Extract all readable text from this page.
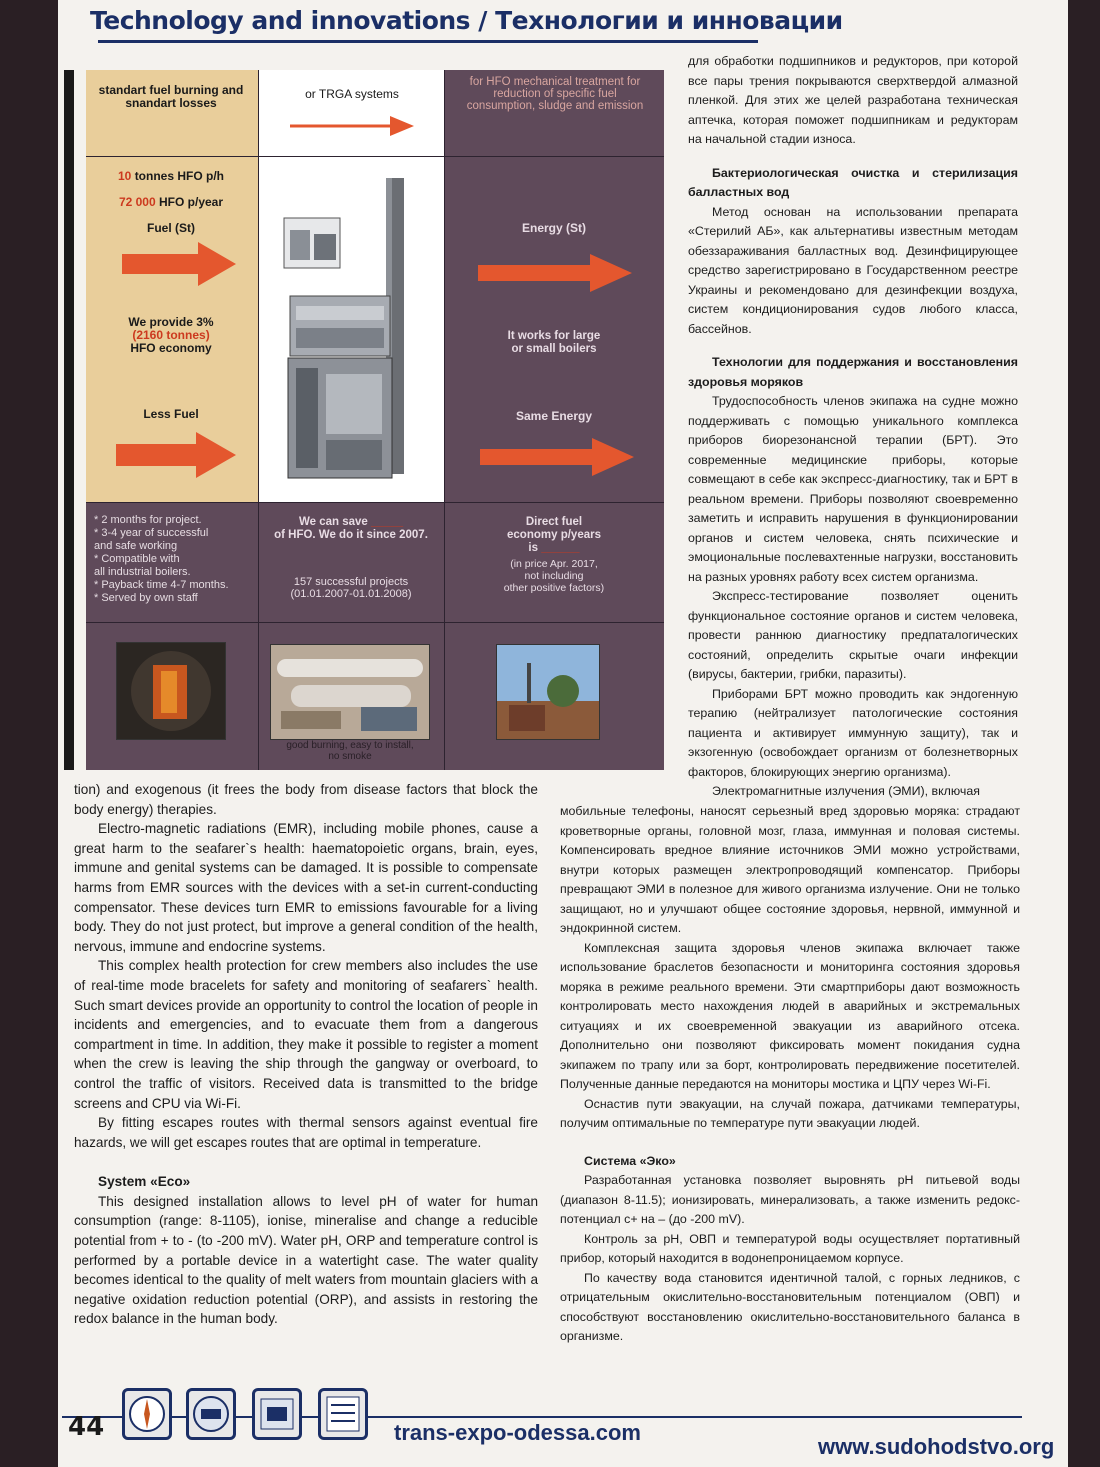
Technology and innovations / Технологии и инновации
standart fuel burning and snandart losses
or TRGA systems
for HFO mechanical treatment for reduction of specific fuel consumption, sludge and emission
10 tonnes HFO p/h
72 000 HFO p/year
Fuel (St)
We provide 3%
(2160 tonnes)
HFO economy
Less Fuel
Energy (St)
It works for large
or small boilers
Same Energy
* 2 months for project.
* 3-4 year of successful
and safe working
* Compatible with
all industrial boilers.
* Payback time 4-7 months.
* Served by own staff
We can save _____
of HFO. We do it since 2007.
157 successful projects
(01.01.2007-01.01.2008)
Direct fuel
economy p/years
is ______
(in price Apr. 2017,
not including
other positive factors)
good burning, easy to install,
no smoke

tion) and exogenous (it frees the body from disease factors that block the body energy) therapies.

Electro-magnetic radiations (EMR), including mobile phones, cause a great harm to the seafarer`s health: haematopoietic organs, brain, eyes, immune and genital systems can be damaged. It is possible to compensate harms from EMR sources with the devices with a set-in current-conducting compensator. These devices turn EMR to emissions favourable for a living body. They do not just protect, but improve a general condition of the health, nervous, immune and endocrine systems.

This complex health protection for crew members also includes the use of real-time mode bracelets for safety and monitoring of seafarers` health. Such smart devices provide an opportunity to control the location of people in incidents and emergencies, and to evacuate them from a dangerous compartment in time. In addition, they make it possible to register a moment when the crew is leaving the ship through the gangway or overboard, to control the traffic of visitors. Received data is transmitted to the bridge screens and CPU via Wi-Fi.

By fitting escapes routes with thermal sensors against eventual fire hazards, we will get escapes routes that are optimal in temperature.

System «Eco»

This designed installation allows to level pH of water for human consumption (range: 8-1105), ionise, mineralise and change a reducible potential from + to - (to -200 mV). Water pH, ORP and temperature control is performed by a portable device in a watertight case. The water quality becomes identical to the quality of melt waters from mountain glaciers with a negative oxidation reduction potential (ORP), and assists in restoring the redox balance in the human body.

для обработки подшипников и редукторов, при которой все пары трения покрываются сверхтвердой алмазной пленкой. Для этих же целей разработана техническая аптечка, которая поможет подшипникам и редукторам на начальной стадии износа.

Бактериологическая очистка и стерилизация балластных вод

Метод основан на использовании препарата «Стерилий АБ», как альтернативы известным методам обеззараживания балластных вод. Дезинфицирующее средство зарегистрировано в Государственном реестре Украины и рекомендовано для дезинфекции воздуха, систем кондиционирования судов любого класса, бассейнов.

Технологии для поддержания и восстановления здоровья моряков

Трудоспособность членов экипажа на судне можно поддерживать с помощью уникального комплекса приборов биорезонансной терапии (БРТ). Это современные медицинские приборы, которые совмещают в себе как экспресс-диагностику, так и БРТ в реальном времени. Приборы позволяют своевременно заметить и исправить нарушения в функционировании органов и систем человека, снять психические и эмоциональные послевахтенные нагрузки, восстановить на разных уровнях работу всех систем организма.

Экспресс-тестирование позволяет оценить функциональное состояние органов и систем человека, провести раннюю диагностику предпаталогических состояний, определить скрытые очаги инфекции (вирусы, бактерии, грибки, паразиты).

Приборами БРТ можно проводить как эндогенную терапию (нейтрализует патологические состояния пациента и активирует иммунную защиту), так и экзогенную (освобождает организм от болезнетворных факторов, блокирующих энергию организма).

Электромагнитные излучения (ЭМИ), включая

мобильные телефоны, наносят серьезный вред здоровью моряка: страдают кроветворные органы, головной мозг, глаза, иммунная и половая системы. Компенсировать вредное влияние источников ЭМИ можно устройствами, внутри которых размещен электропроводящий компенсатор. Приборы превращают ЭМИ в полезное для живого организма излучение. Они не только защищают, но и улучшают общее состояние здоровья, нервной, иммунной и эндокринной систем.

Комплексная защита здоровья членов экипажа включает также использование браслетов безопасности и мониторинга состояния здоровья моряка в режиме реального времени. Эти смартприборы дают возможность контролировать место нахождения людей в аварийных и экстремальных ситуациях и их своевременной эвакуации из аварийного отсека. Дополнительно они позволяют фиксировать момент покидания судна экипажем по трапу или за борт, контролировать передвижение посетителей. Полученные данные передаются на мониторы мостика и ЦПУ через Wi-Fi.

Оснастив пути эвакуации, на случай пожара, датчиками температуры, получим оптимальные по температуре пути эвакуации людей.

Система «Эко»

Разработанная установка позволяет выровнять pH питьевой воды (диапазон 8-11.5); ионизировать, минерализовать, а также изменить редокс-потенциал с+ на – (до -200 mV).

Контроль за pH, ОВП и температурой воды осуществляет портативный прибор, который находится в водонепроницаемом корпусе.

По качеству вода становится идентичной талой, с горных ледников, с отрицательным окислительно-восстановительным потенциалом (ОВП) и способствуют восстановлению окислительно-восстановительного баланса в организме.

44	trans-expo-odessa.com
www.sudohodstvo.org
